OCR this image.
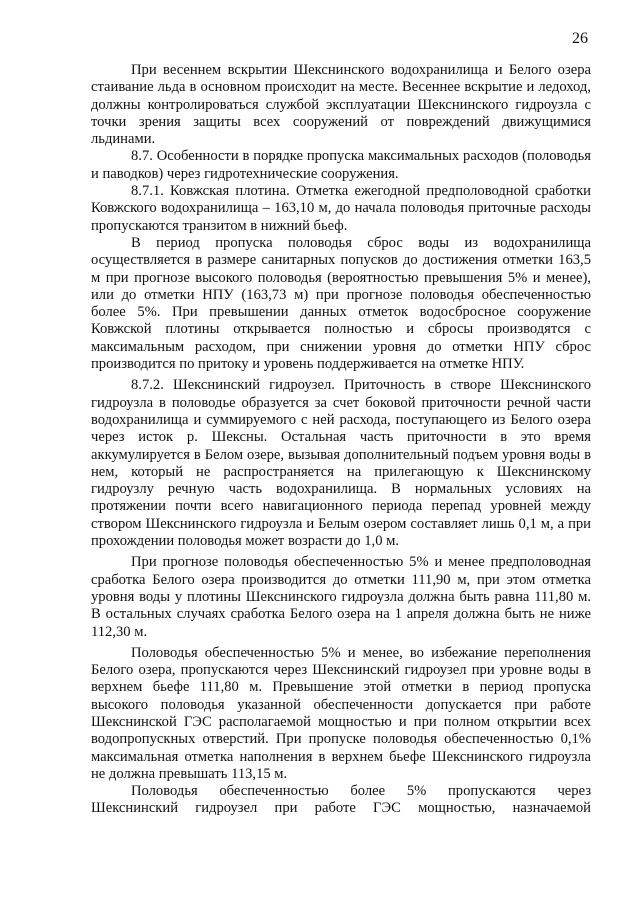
26

При весеннем вскрытии Шекснинского водохранилища и Белого озера стаивание льда в основном происходит на месте. Весеннее вскрытие и ледоход, должны контролироваться службой эксплуатации Шекснинского гидроузла с точки зрения защиты всех сооружений от повреждений движущимися льдинами.

8.7. Особенности в порядке пропуска максимальных расходов (половодья и паводков) через гидротехнические сооружения.

8.7.1. Ковжская плотина. Отметка ежегодной предполоводной сработки Ковжского водохранилища – 163,10 м, до начала половодья приточные расходы пропускаются транзитом в нижний бьеф.

В период пропуска половодья сброс воды из водохранилища осуществляется в размере санитарных попусков до достижения отметки 163,5 м при прогнозе высокого половодья (вероятностью превышения 5% и менее), или до отметки НПУ (163,73 м) при прогнозе половодья обеспеченностью более 5%. При превышении данных отметок водосбросное сооружение Ковжской плотины открывается полностью и сбросы производятся с максимальным расходом, при снижении уровня до отметки НПУ сброс производится по притоку и уровень поддерживается на отметке НПУ.

8.7.2. Шекснинский гидроузел. Приточность в створе Шекснинского гидроузла в половодье образуется за счет боковой приточности речной части водохранилища и суммируемого с ней расхода, поступающего из Белого озера через исток р. Шексны. Остальная часть приточности в это время аккумулируется в Белом озере, вызывая дополнительный подъем уровня воды в нем, который не распространяется на прилегающую к Шекснинскому гидроузлу речную часть водохранилища. В нормальных условиях на протяжении почти всего навигационного периода перепад уровней между створом Шекснинского гидроузла и Белым озером составляет лишь 0,1 м, а при прохождении половодья может возрасти до 1,0 м.

При прогнозе половодья обеспеченностью 5% и менее предполоводная сработка Белого озера производится до отметки 111,90 м, при этом отметка уровня воды у плотины Шекснинского гидроузла должна быть равна 111,80 м. В остальных случаях сработка Белого озера на 1 апреля должна быть не ниже 112,30 м.

Половодья обеспеченностью 5% и менее, во избежание переполнения Белого озера, пропускаются через Шекснинский гидроузел при уровне воды в верхнем бьефе 111,80 м. Превышение этой отметки в период пропуска высокого половодья указанной обеспеченности допускается при работе Шекснинской ГЭС располагаемой мощностью и при полном открытии всех водопропускных отверстий. При пропуске половодья обеспеченностью 0,1% максимальная отметка наполнения в верхнем бьефе Шекснинского гидроузла не должна превышать 113,15 м.

Половодья обеспеченностью более 5% пропускаются через Шекснинский гидроузел при работе ГЭС мощностью, назначаемой
